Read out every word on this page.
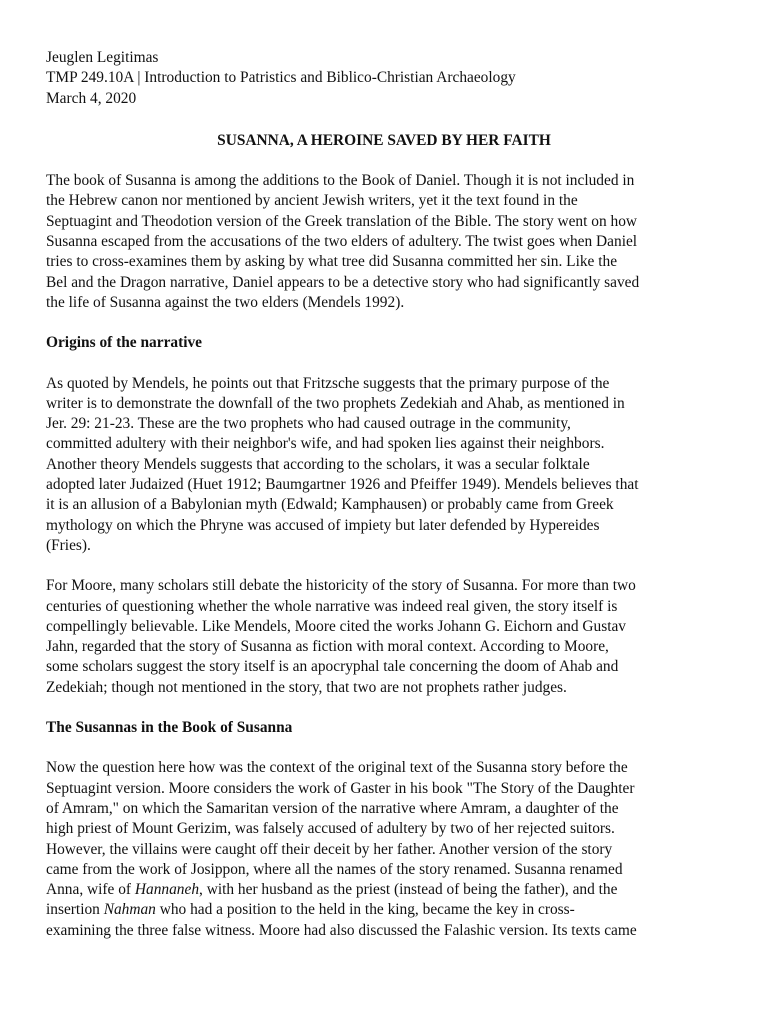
Jeuglen Legitimas
TMP 249.10A | Introduction to Patristics and Biblico-Christian Archaeology
March 4, 2020
SUSANNA, A HEROINE SAVED BY HER FAITH
The book of Susanna is among the additions to the Book of Daniel. Though it is not included in
the Hebrew canon nor mentioned by ancient Jewish writers, yet it the text found in the
Septuagint and Theodotion version of the Greek translation of the Bible. The story went on how
Susanna escaped from the accusations of the two elders of adultery. The twist goes when Daniel
tries to cross-examines them by asking by what tree did Susanna committed her sin. Like the
Bel and the Dragon narrative, Daniel appears to be a detective story who had significantly saved
the life of Susanna against the two elders (Mendels 1992).
Origins of the narrative
As quoted by Mendels, he points out that Fritzsche suggests that the primary purpose of the
writer is to demonstrate the downfall of the two prophets Zedekiah and Ahab, as mentioned in
Jer. 29: 21-23. These are the two prophets who had caused outrage in the community,
committed adultery with their neighbor's wife, and had spoken lies against their neighbors.
Another theory Mendels suggests that according to the scholars, it was a secular folktale
adopted later Judaized (Huet 1912; Baumgartner 1926 and Pfeiffer 1949). Mendels believes that
it is an allusion of a Babylonian myth (Edwald; Kamphausen) or probably came from Greek
mythology on which the Phryne was accused of impiety but later defended by Hypereides
(Fries).
For Moore, many scholars still debate the historicity of the story of Susanna. For more than two
centuries of questioning whether the whole narrative was indeed real given, the story itself is
compellingly believable. Like Mendels, Moore cited the works Johann G. Eichorn and Gustav
Jahn, regarded that the story of Susanna as fiction with moral context. According to Moore,
some scholars suggest the story itself is an apocryphal tale concerning the doom of Ahab and
Zedekiah; though not mentioned in the story, that two are not prophets rather judges.
The Susannas in the Book of Susanna
Now the question here how was the context of the original text of the Susanna story before the
Septuagint version. Moore considers the work of Gaster in his book "The Story of the Daughter
of Amram," on which the Samaritan version of the narrative where Amram, a daughter of the
high priest of Mount Gerizim, was falsely accused of adultery by two of her rejected suitors.
However, the villains were caught off their deceit by her father. Another version of the story
came from the work of Josippon, where all the names of the story renamed. Susanna renamed
Anna, wife of Hannaneh, with her husband as the priest (instead of being the father), and the
insertion Nahman who had a position to the held in the king, became the key in cross-
examining the three false witness. Moore had also discussed the Falashic version. Its texts came
